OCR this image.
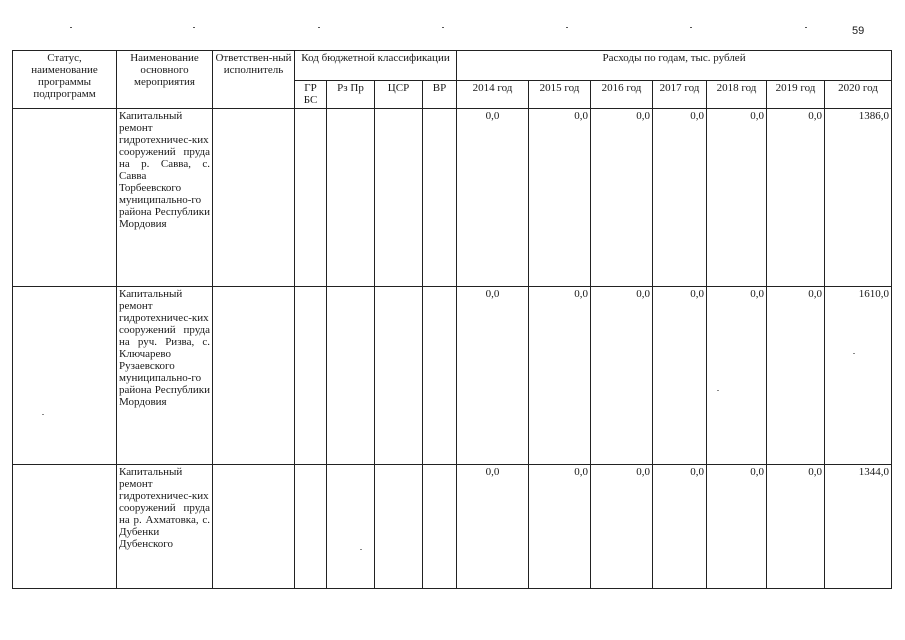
59
Статус, наименование программы подпрограмм	Наименование основного мероприятия	Ответствен-ный исполнитель	Код бюджетной классификации				Расходы по годам, тыс. рублей						
			ГР БС	Рз Пр	ЦСР	ВР	2014 год	2015 год	2016 год	2017 год	2018 год	2019 год	2020 год
	Капитальный ремонт гидротехничес-ких сооружений пруда на р. Савва, с. Савва Торбеевского муниципально-го района Республики Мордовия						0,0	0,0	0,0	0,0	0,0	0,0	1386,0
	Капитальный ремонт гидротехничес-ких сооружений пруда на руч. Ризва, с. Ключарево Рузаевского муниципально-го района Республики Мордовия						0,0	0,0	0,0	0,0	0,0	0,0	1610,0
	Капитальный ремонт гидротехничес-ких сооружений пруда на р. Ахматовка, с. Дубенки Дубенского						0,0	0,0	0,0	0,0	0,0	0,0	1344,0
